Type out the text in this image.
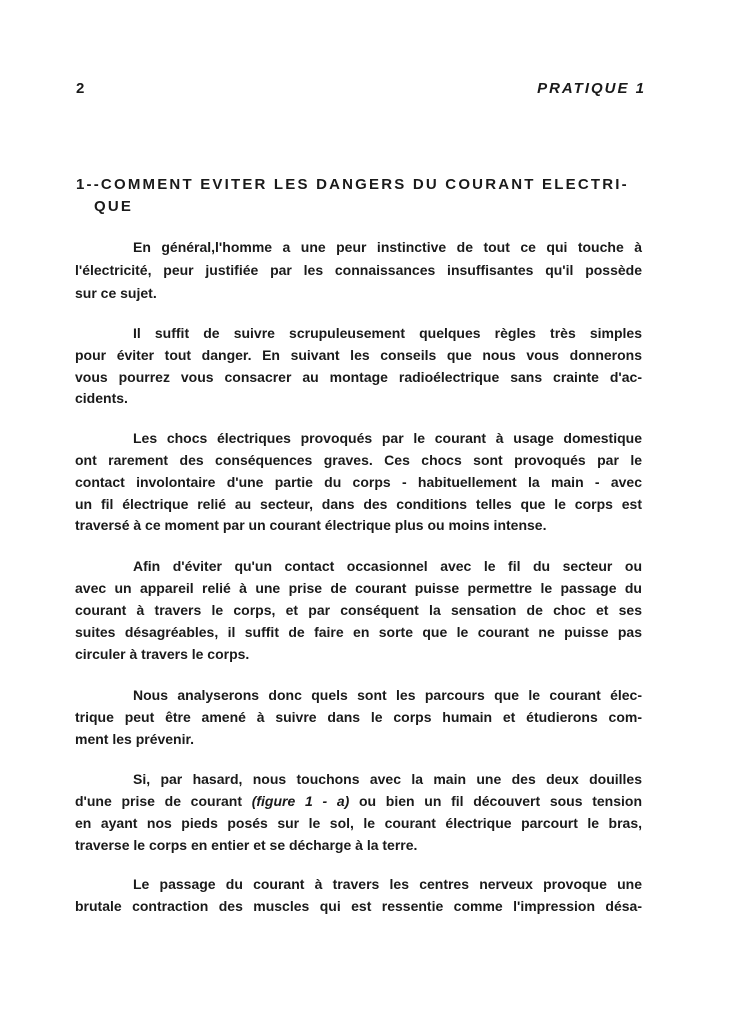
2	PRATIQUE 1
1--COMMENT EVITER LES DANGERS DU COURANT ELECTRI-
QUE
En général,l'homme a une peur instinctive de tout ce qui touche à
l'électricité, peur justifiée par les connaissances insuffisantes qu'il possède
sur ce sujet.
Il suffit de suivre scrupuleusement quelques règles très simples
pour éviter tout danger. En suivant les conseils que nous vous donnerons
vous pourrez vous consacrer au montage radioélectrique sans crainte d'ac-
cidents.
Les chocs électriques provoqués par le courant à usage domestique
ont rarement des conséquences graves. Ces chocs sont provoqués par le
contact involontaire d'une partie du corps - habituellement la main - avec
un fil électrique relié au secteur, dans des conditions telles que le corps est
traversé à ce moment par un courant électrique plus ou moins intense.
Afin d'éviter qu'un contact occasionnel avec le fil du secteur ou
avec un appareil relié à une prise de courant puisse permettre le passage du
courant à travers le corps, et par conséquent la sensation de choc et ses
suites désagréables, il suffit de faire en sorte que le courant ne puisse pas
circuler à travers le corps.
Nous analyserons donc quels sont les parcours que le courant élec-
trique peut être amené à suivre dans le corps humain et étudierons com-
ment les prévenir.
Si, par hasard, nous touchons avec la main une des deux douilles
d'une prise de courant (figure 1 - a) ou bien un fil découvert sous tension
en ayant nos pieds posés sur le sol, le courant électrique parcourt le bras,
traverse le corps en entier et se décharge à la terre.
Le passage du courant à travers les centres nerveux provoque une
brutale contraction des muscles qui est ressentie comme l'impression désa-
